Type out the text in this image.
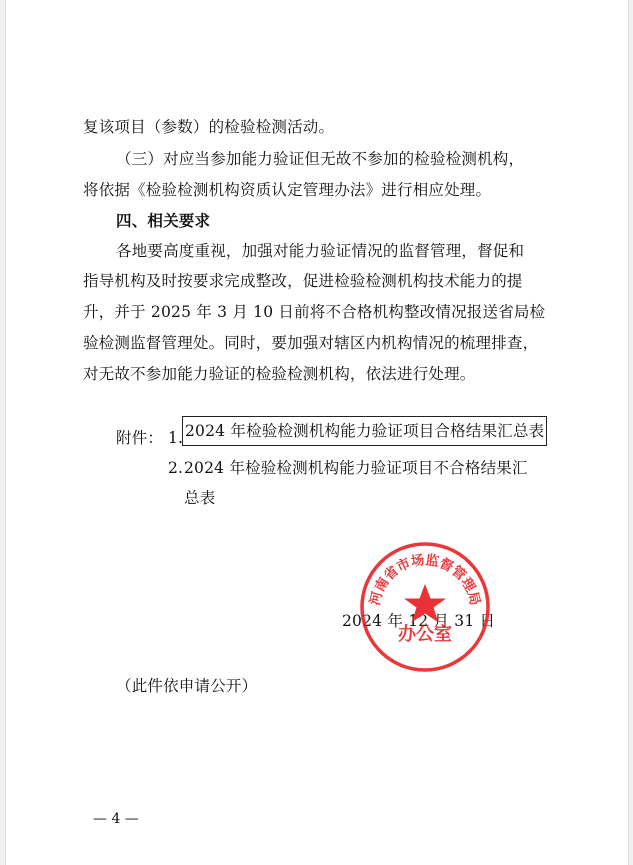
复该项目（参数）的检验检测活动。
（三）对应当参加能力验证但无故不参加的检验检测机构，
将依据《检验检测机构资质认定管理办法》进行相应处理。
四、相关要求
各地要高度重视，加强对能力验证情况的监督管理，督促和
指导机构及时按要求完成整改，促进检验检测机构技术能力的提
升，并于 2025 年 3 月 10 日前将不合格机构整改情况报送省局检
验检测监督管理处。同时，要加强对辖区内机构情况的梳理排查，
对无故不参加能力验证的检验检测机构，依法进行处理。
附件： 1. 2024 年检验检测机构能力验证项目合格结果汇总表
2. 2024 年检验检测机构能力验证项目不合格结果汇
总表
2024 年 12 月 31 日
河南省市场监督管理局
办公室
（此件依申请公开）
— 4 —
